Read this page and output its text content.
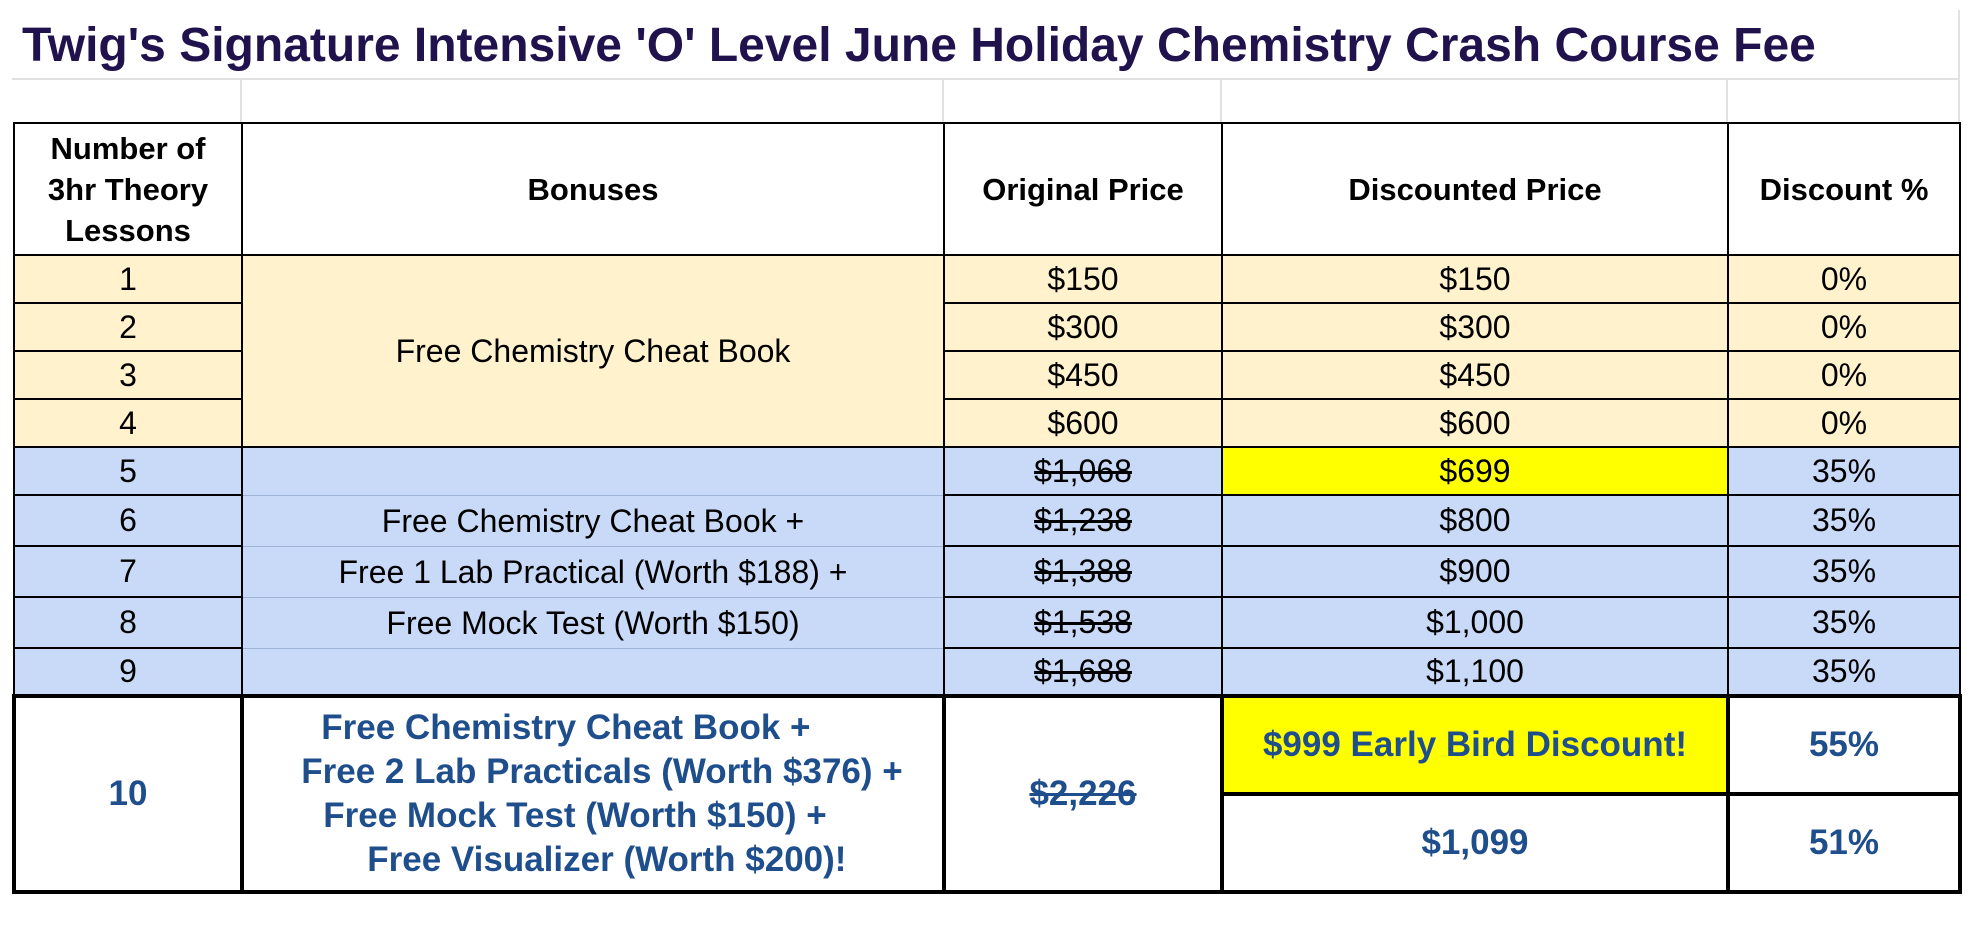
Twig's Signature Intensive 'O' Level June Holiday Chemistry Crash Course Fee
Number of
3hr Theory
Lessons	Bonuses	Original Price	Discounted Price	Discount %
1	Free Chemistry Cheat Book	$150	$150	0%
2		$300	$300	0%
3		$450	$450	0%
4		$600	$600	0%
5		$1,068	$699	35%
6	Free Chemistry Cheat Book +	$1,238	$800	35%
7	Free 1 Lab Practical (Worth $188) +	$1,388	$900	35%
8	Free Mock Test (Worth $150)	$1,538	$1,000	35%
9		$1,688	$1,100	35%
10	Free Chemistry Cheat Book +
Free 2 Lab Practicals (Worth $376) +
Free Mock Test (Worth $150) +
Free Visualizer (Worth $200)!	$2,226	$999 Early Bird Discount!	55%
			$1,099	51%
